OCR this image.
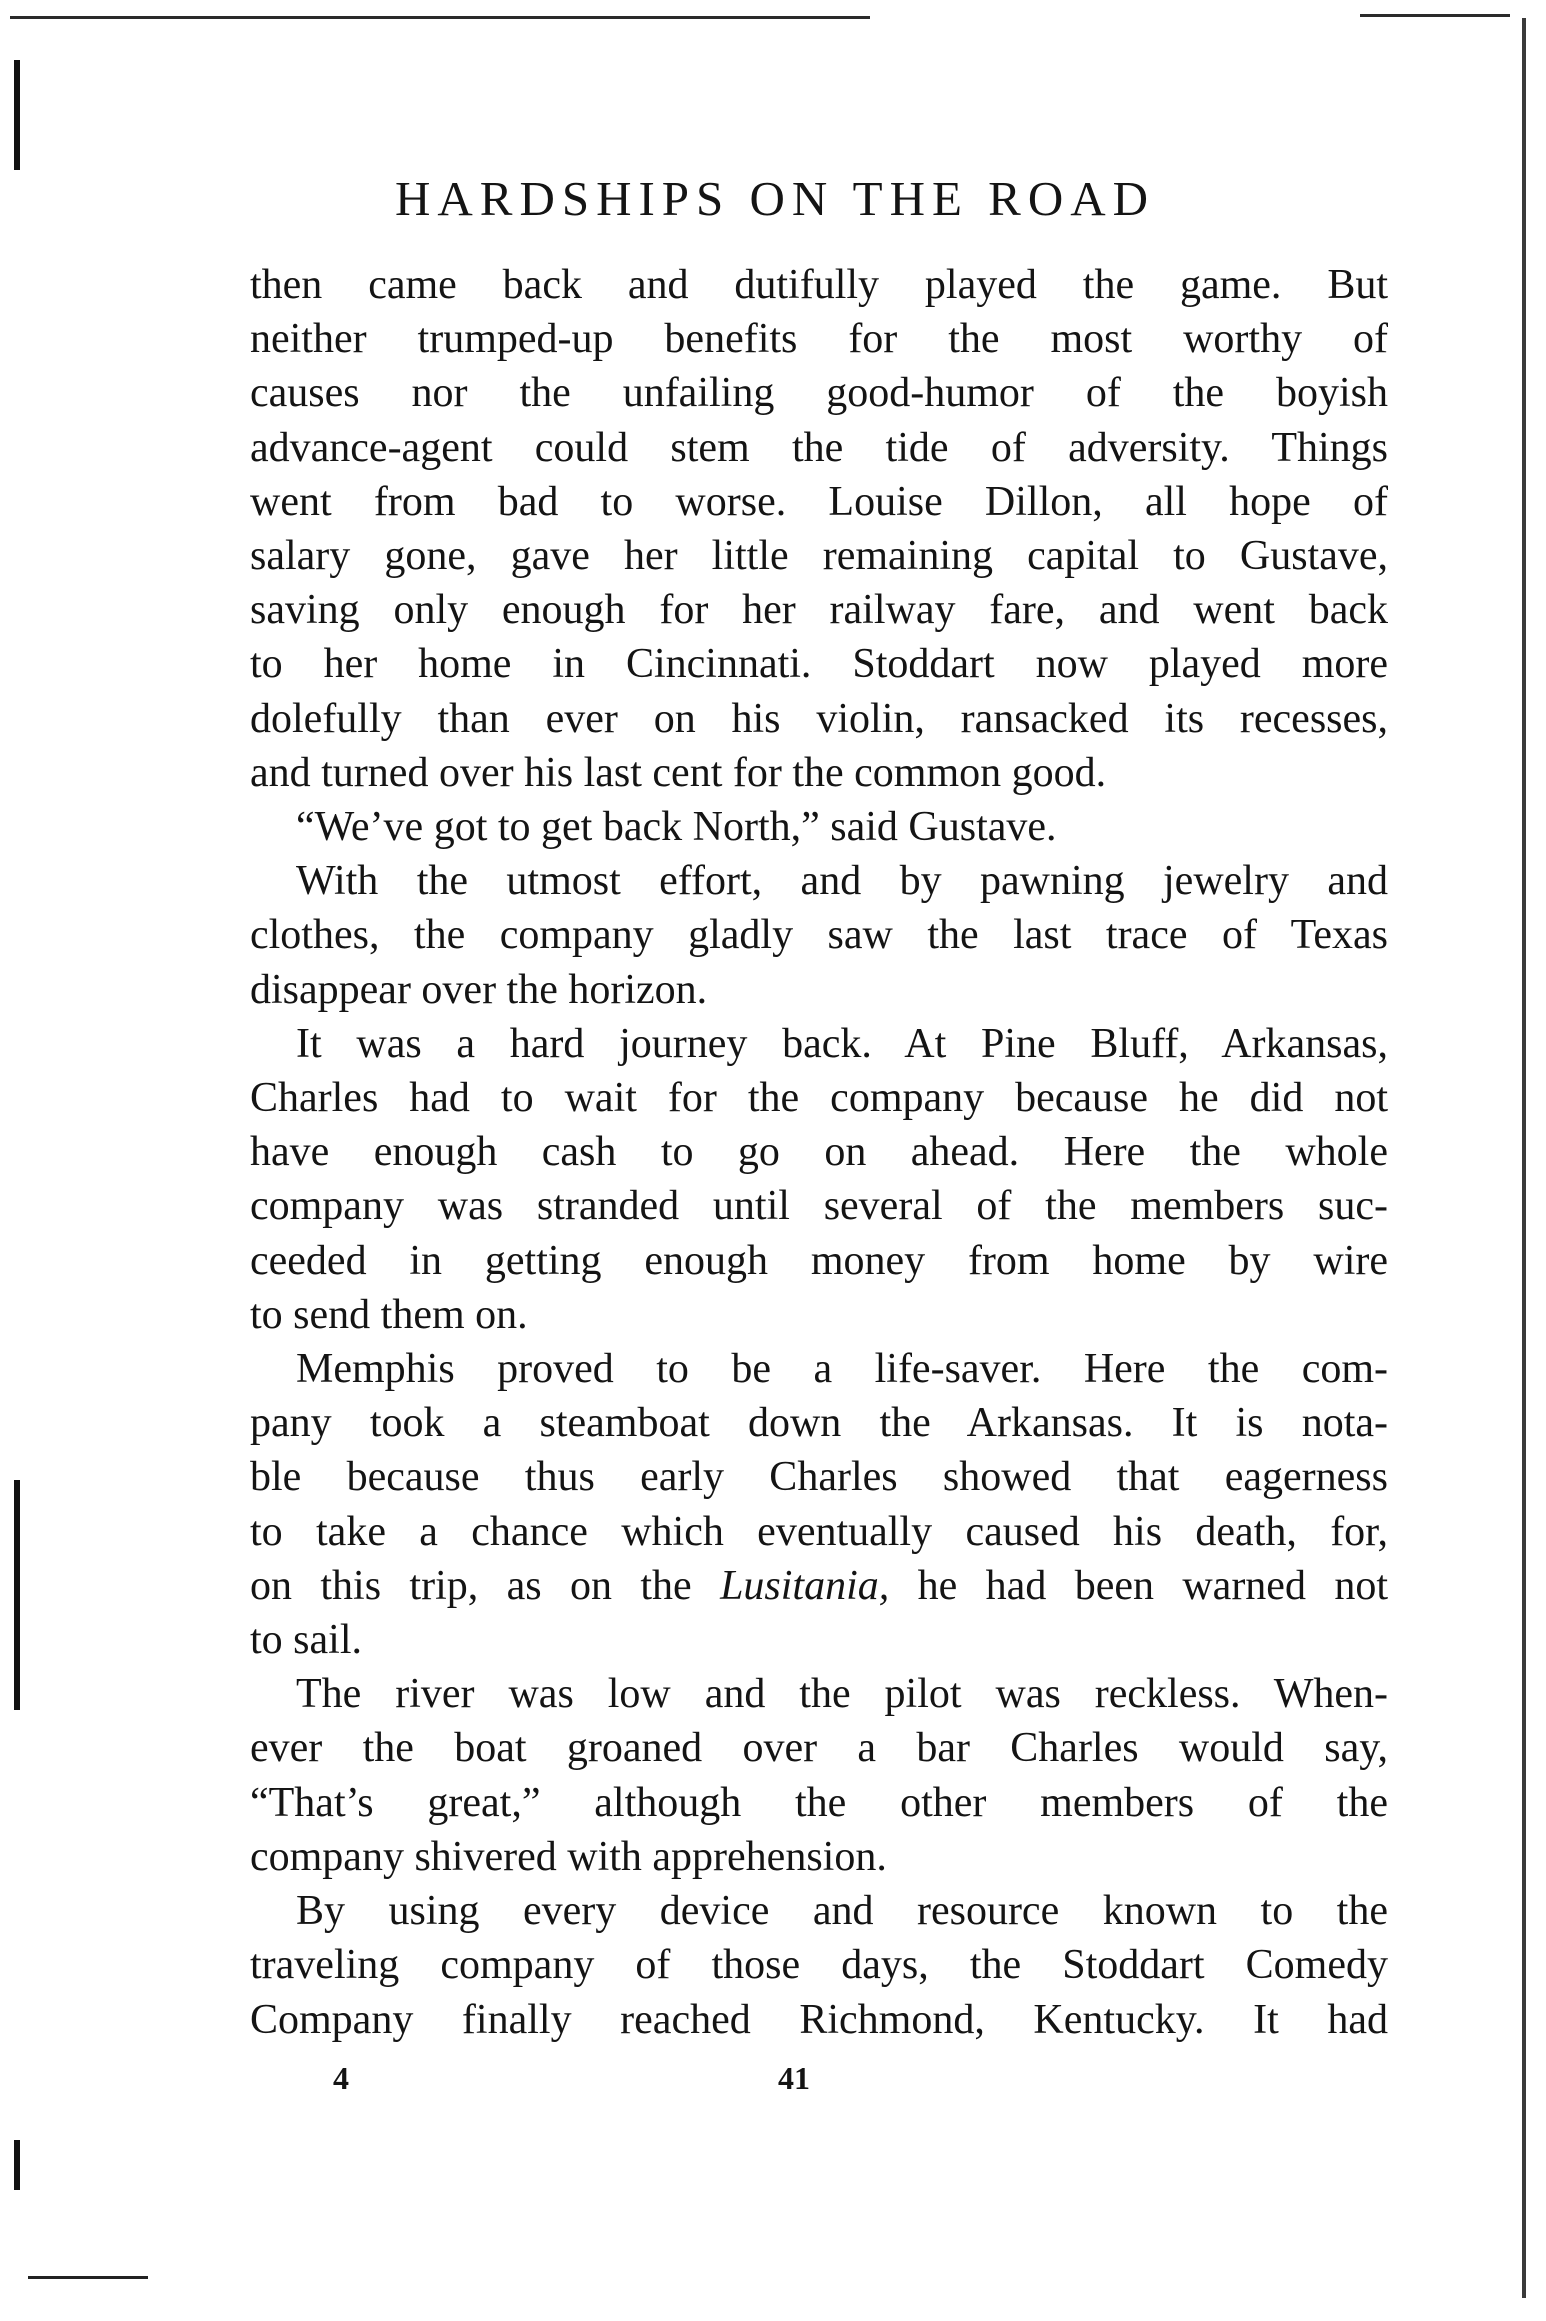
HARDSHIPS ON THE ROAD

then came back and dutifully played the game. But
neither trumped-up benefits for the most worthy of
causes nor the unfailing good-humor of the boyish
advance-agent could stem the tide of adversity. Things
went from bad to worse. Louise Dillon, all hope of
salary gone, gave her little remaining capital to Gustave,
saving only enough for her railway fare, and went back
to her home in Cincinnati. Stoddart now played more
dolefully than ever on his violin, ransacked its recesses,
and turned over his last cent for the common good.

“We’ve got to get back North,” said Gustave.

With the utmost effort, and by pawning jewelry and
clothes, the company gladly saw the last trace of Texas
disappear over the horizon.

It was a hard journey back. At Pine Bluff, Arkansas,
Charles had to wait for the company because he did not
have enough cash to go on ahead. Here the whole
company was stranded until several of the members suc-
ceeded in getting enough money from home by wire
to send them on.

Memphis proved to be a life-saver. Here the com-
pany took a steamboat down the Arkansas. It is nota-
ble because thus early Charles showed that eagerness
to take a chance which eventually caused his death, for,
on this trip, as on the Lusitania, he had been warned not
to sail.

The river was low and the pilot was reckless. When-
ever the boat groaned over a bar Charles would say,
“That’s great,” although the other members of the
company shivered with apprehension.

By using every device and resource known to the
traveling company of those days, the Stoddart Comedy
Company finally reached Richmond, Kentucky. It had

4	41
